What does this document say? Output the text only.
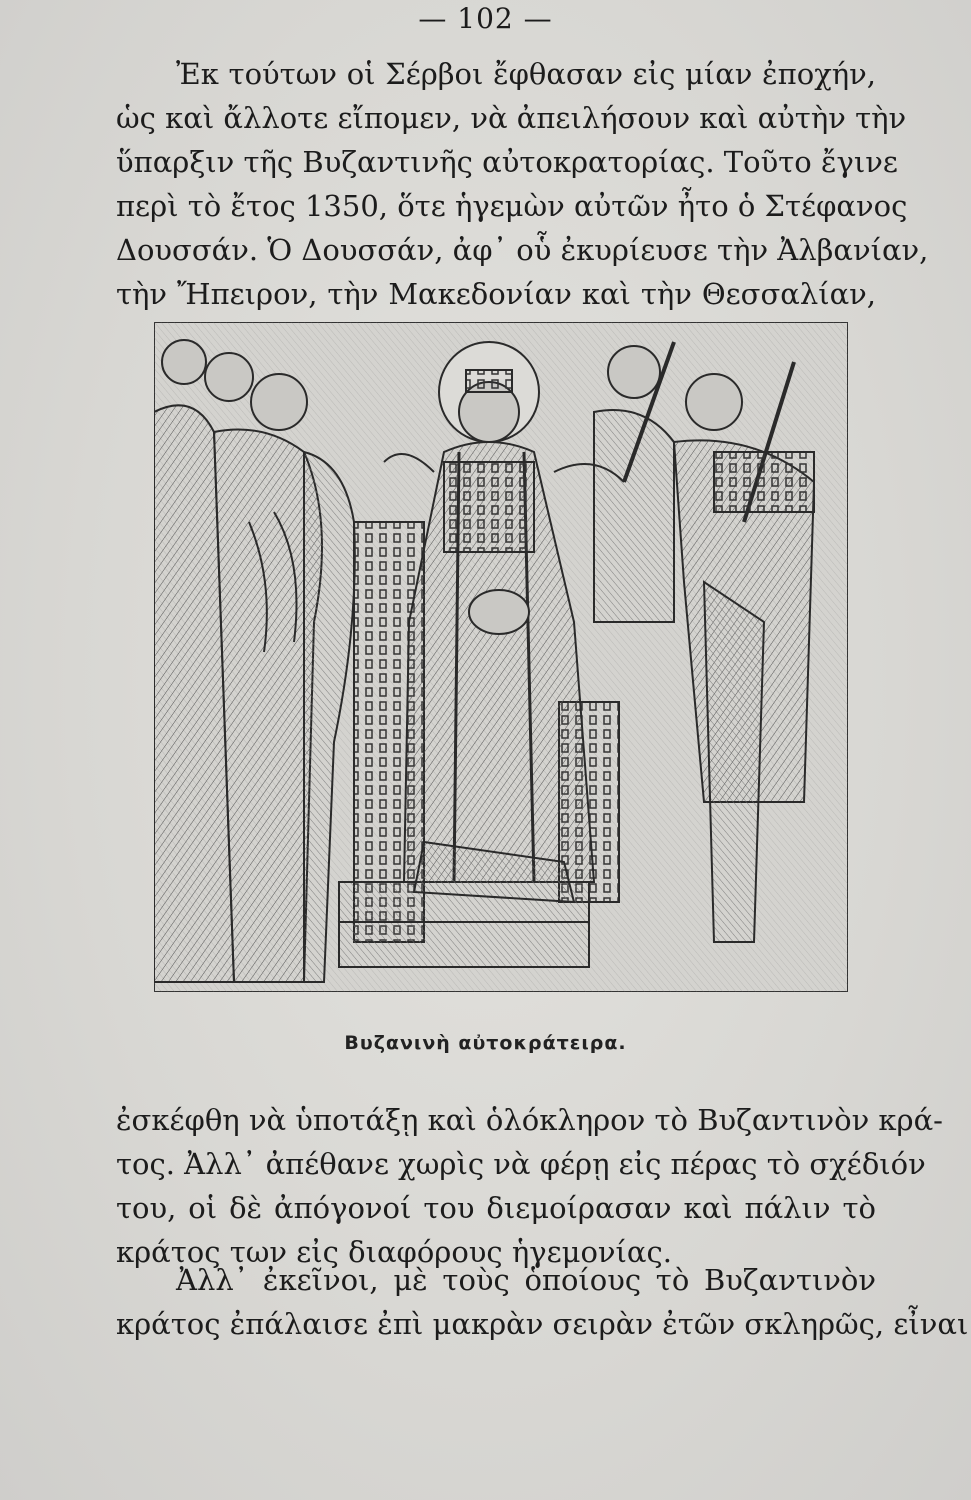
— 102 —
Ἐκ τούτων οἱ Σέρβοι ἔφθασαν εἰς μίαν ἐποχήν,
ὡς καὶ ἄλλοτε εἴπομεν, νὰ ἀπειλήσουν καὶ αὐτὴν τὴν
ὕπαρξιν τῆς Βυζαντινῆς αὐτοκρατορίας. Τοῦτο ἔγινε
περὶ τὸ ἔτος 1350, ὅτε ἡγεμὼν αὐτῶν ἦτο ὁ Στέφανος
Δουσσάν. Ὁ Δουσσάν, ἀφ᾽ οὗ ἐκυρίευσε τὴν Ἀλβανίαν,
τὴν Ἤπειρον, τὴν Μακεδονίαν καὶ τὴν Θεσσαλίαν,
Βυζανινὴ αὐτοκράτειρα.
ἐσκέφθη νὰ ὑποτάξῃ καὶ ὁλόκληρον τὸ Βυζαντινὸν κρά-
τος. Ἀλλ᾽ ἀπέθανε χωρὶς νὰ φέρῃ εἰς πέρας τὸ σχέδιόν
του, οἱ δὲ ἀπόγονοί του διεμοίρασαν καὶ πάλιν τὸ
κράτος των εἰς διαφόρους ἡγεμονίας.
Ἀλλ᾽ ἐκεῖνοι, μὲ τοὺς ὁποίους τὸ Βυζαντινὸν
κράτος ἐπάλαισε ἐπὶ μακρὰν σειρὰν ἐτῶν σκληρῶς, εἶναι
